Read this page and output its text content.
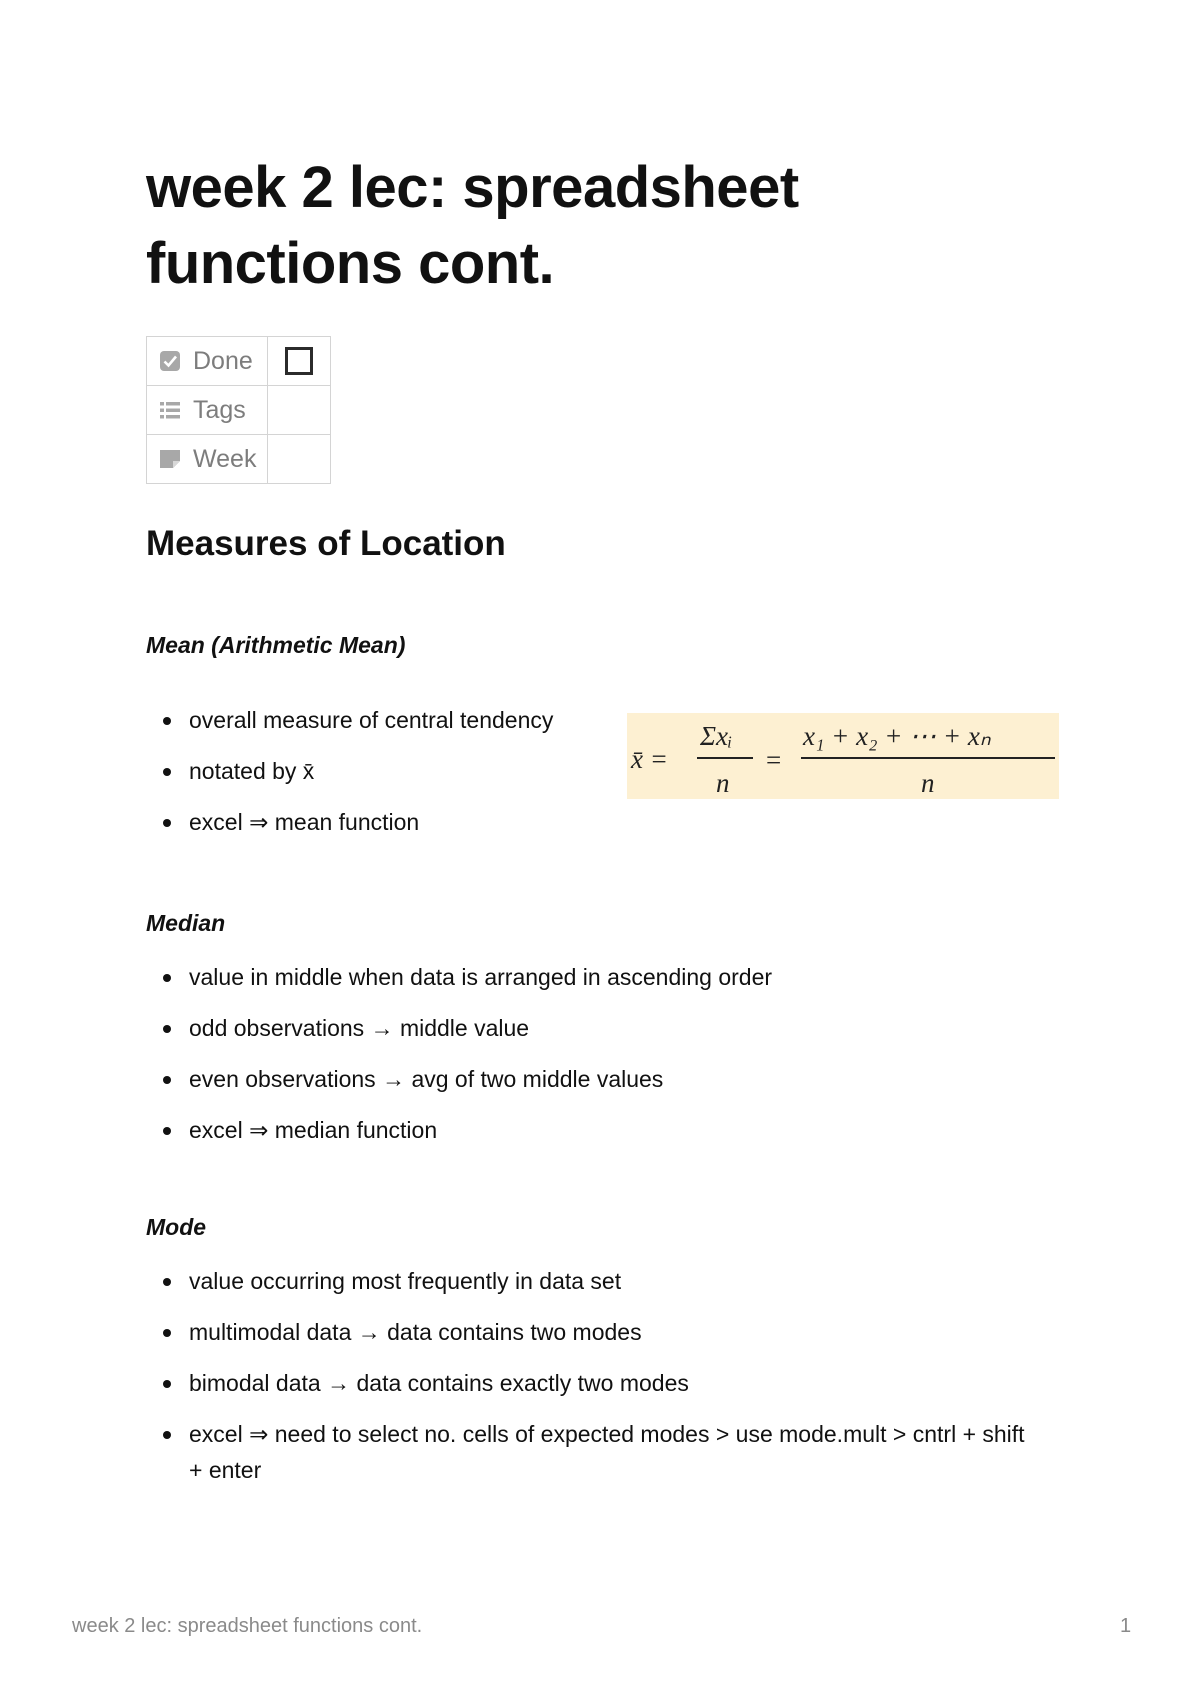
week 2 lec: spreadsheet functions cont.
Done	

Tags	

Week	

Measures of Location
Mean (Arithmetic Mean)
overall measure of central tendency
notated by x̄
excel ⇒ mean function
x̄ =
Σxᵢ
n
=
x₁ + x₂ + ⋯ + xₙ
n
Median
value in middle when data is arranged in ascending order
odd observations → middle value
even observations → avg of two middle values
excel ⇒ median function
Mode
value occurring most frequently in data set
multimodal data → data contains two modes
bimodal data → data contains exactly two modes
excel ⇒ need to select no. cells of expected modes > use mode.mult > cntrl + shift + enter
week 2 lec: spreadsheet functions cont.	1
